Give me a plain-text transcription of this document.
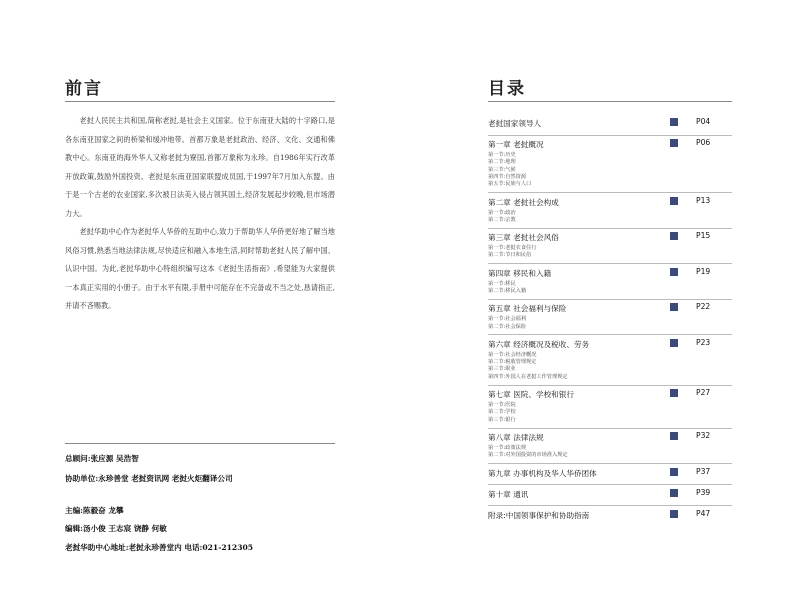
前言

老挝人民民主共和国,简称老挝,是社会主义国家。位于东南亚大陆的十字路口,是各东南亚国家之间的桥梁和缓冲地带。首都万象是老挝政治、经济、文化、交通和佛教中心。东南亚的海外华人又称老挝为寮国,首都万象称为永珍。自1986年实行改革开放政策,鼓励外国投资。老挝是东南亚国家联盟成员国,于1997年7月加入东盟。由于是一个古老的农业国家,多次被日法美入侵占领其国土,经济发展起步较晚,但市场潜力大。

老挝华助中心作为老挝华人华侨的互助中心,致力于帮助华人华侨更好地了解当地风俗习惯,熟悉当地法律法规,尽快适应和融入本地生活,同时帮助老挝人民了解中国、认识中国。为此,老挝华助中心特组织编写这本《老挝生活指南》,希望能为大家提供一本真正实用的小册子。由于水平有限,手册中可能存在不完备或不当之处,恳请指正,并请不吝赐教。

总顾问:张应源 吴浩智
协助单位:永珍善堂 老挝资讯网 老挝火炬翻译公司
主编:陈毅奋 龙攀
编辑:汤小俊 王志宸 饶静 何敏
老挝华助中心地址:老挝永珍善堂内 电话:021-212305
目录
老挝国家领导人	P04
第一章 老挝概况	P06
第一节:历史
第二节:地理
第三节:气候
第四节:自然资源
第五节:民族与人口
第二章 老挝社会构成	P13
第一节:政治
第二节:宗教
第三章 老挝社会风俗	P15
第一节:老挝衣食住行
第二节:节日和民俗
第四章 移民和入籍	P19
第一节:移民
第二节:移民入籍
第五章 社会福利与保险	P22
第一节:社会福利
第二节:社会保险
第六章 经济概况及税收、劳务	P23
第一节:社会经济概况
第二节:税收管理规定
第三节:职业
第四节:外国人在老挝工作管理规定
第七章 医院、学校和银行	P27
第一节:医院
第二节:学校
第三节:银行
第八章 法律法规	P32
第一节:政策法规
第二节:对外国投资的市场准入规定
第九章 办事机构及华人华侨团体	P37
第十章 通讯	P39
附录:中国领事保护和协助指南	P47
